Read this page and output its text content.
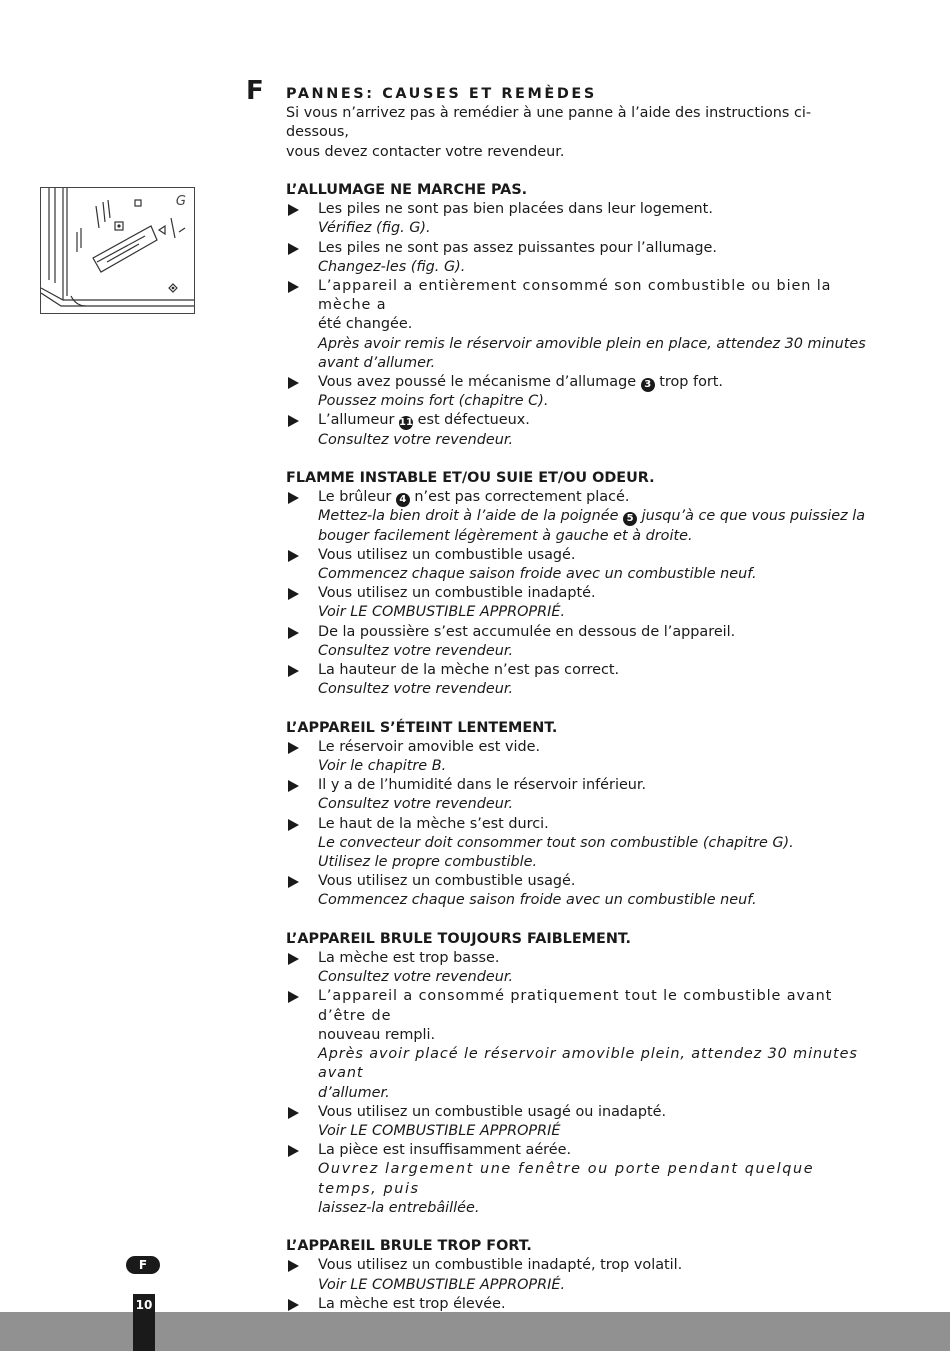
F
G
PANNES: CAUSES ET REMÈDES
Si vous n’arrivez pas à remédier à une panne à l’aide des instructions ci-dessous,
vous devez contacter votre revendeur.
L’ALLUMAGE NE MARCHE PAS.
Les piles ne sont pas bien placées dans leur logement.
Vérifiez (fig. G).
Les piles ne sont pas assez puissantes pour l’allumage.
Changez-les (fig. G).
L’appareil a entièrement consommé son combustible ou bien la mèche a
été changée.
Après avoir remis le réservoir amovible plein en place, attendez 30 minutes
avant d’allumer.
Vous avez poussé le mécanisme d’allumage 3 trop fort.
Poussez moins fort (chapitre C).
L’allumeur 11 est défectueux.
Consultez votre revendeur.
FLAMME INSTABLE ET/OU SUIE ET/OU ODEUR.
Le brûleur 4 n’est pas correctement placé.
Mettez-la bien droit à l’aide de la poignée 5 jusqu’à ce que vous puissiez la
bouger facilement légèrement à gauche et à droite.
Vous utilisez un combustible usagé.
Commencez chaque saison froide avec un combustible neuf.
Vous utilisez un combustible inadapté.
Voir LE COMBUSTIBLE APPROPRIÉ.
De la poussière s’est accumulée en dessous de l’appareil.
Consultez votre revendeur.
La hauteur de la mèche n’est pas correct.
Consultez votre revendeur.
L’APPAREIL S’ÉTEINT LENTEMENT.
Le réservoir amovible est vide.
Voir le chapitre B.
Il y a de l’humidité dans le réservoir inférieur.
Consultez votre revendeur.
Le haut de la mèche s’est durci.
Le convecteur doit consommer tout son combustible (chapitre G).
Utilisez le propre combustible.
Vous utilisez un combustible usagé.
Commencez chaque saison froide avec un combustible neuf.
L’APPAREIL BRULE TOUJOURS FAIBLEMENT.
La mèche est trop basse.
Consultez votre revendeur.
L’appareil a consommé pratiquement tout le combustible avant d’être de
nouveau rempli.
Après avoir placé le réservoir amovible plein, attendez 30 minutes avant
d’allumer.
Vous utilisez un combustible usagé ou inadapté.
Voir LE COMBUSTIBLE APPROPRIÉ
La pièce est insuffisamment aérée.
Ouvrez largement une fenêtre ou porte pendant quelque temps, puis
laissez-la entrebâillée.
L’APPAREIL BRULE TROP FORT.
Vous utilisez un combustible inadapté, trop volatil.
Voir LE COMBUSTIBLE APPROPRIÉ.
La mèche est trop élevée.
F
10
